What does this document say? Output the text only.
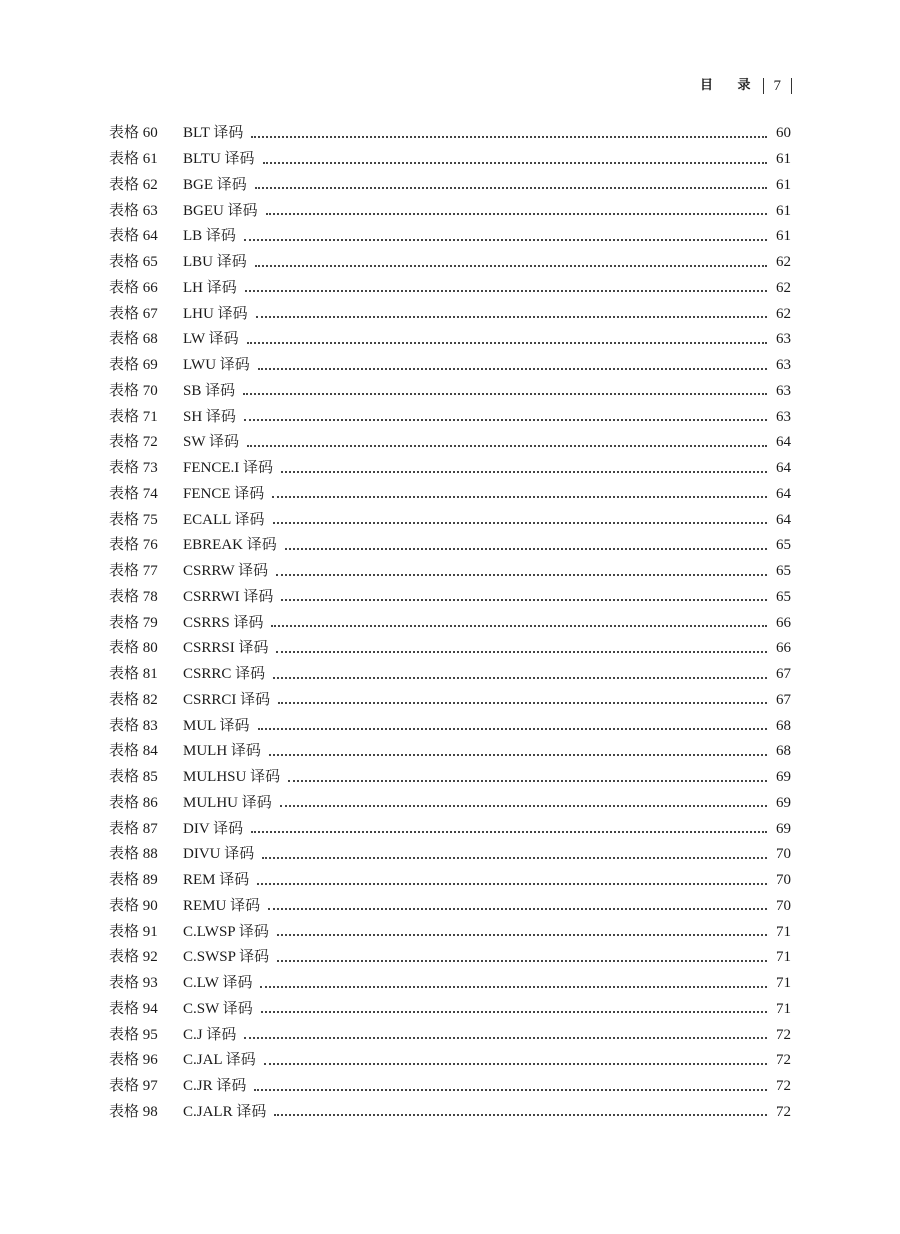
目 录 7
表格 60	BLT 译码	60
表格 61	BLTU 译码	61
表格 62	BGE 译码	61
表格 63	BGEU 译码	61
表格 64	LB 译码	61
表格 65	LBU 译码	62
表格 66	LH 译码	62
表格 67	LHU 译码	62
表格 68	LW 译码	63
表格 69	LWU 译码	63
表格 70	SB 译码	63
表格 71	SH 译码	63
表格 72	SW 译码	64
表格 73	FENCE.I 译码	64
表格 74	FENCE 译码	64
表格 75	ECALL 译码	64
表格 76	EBREAK 译码	65
表格 77	CSRRW 译码	65
表格 78	CSRRWI 译码	65
表格 79	CSRRS 译码	66
表格 80	CSRRSI 译码	66
表格 81	CSRRC 译码	67
表格 82	CSRRCI 译码	67
表格 83	MUL 译码	68
表格 84	MULH 译码	68
表格 85	MULHSU 译码	69
表格 86	MULHU 译码	69
表格 87	DIV 译码	69
表格 88	DIVU 译码	70
表格 89	REM 译码	70
表格 90	REMU 译码	70
表格 91	C.LWSP 译码	71
表格 92	C.SWSP 译码	71
表格 93	C.LW 译码	71
表格 94	C.SW 译码	71
表格 95	C.J 译码	72
表格 96	C.JAL 译码	72
表格 97	C.JR 译码	72
表格 98	C.JALR 译码	72
